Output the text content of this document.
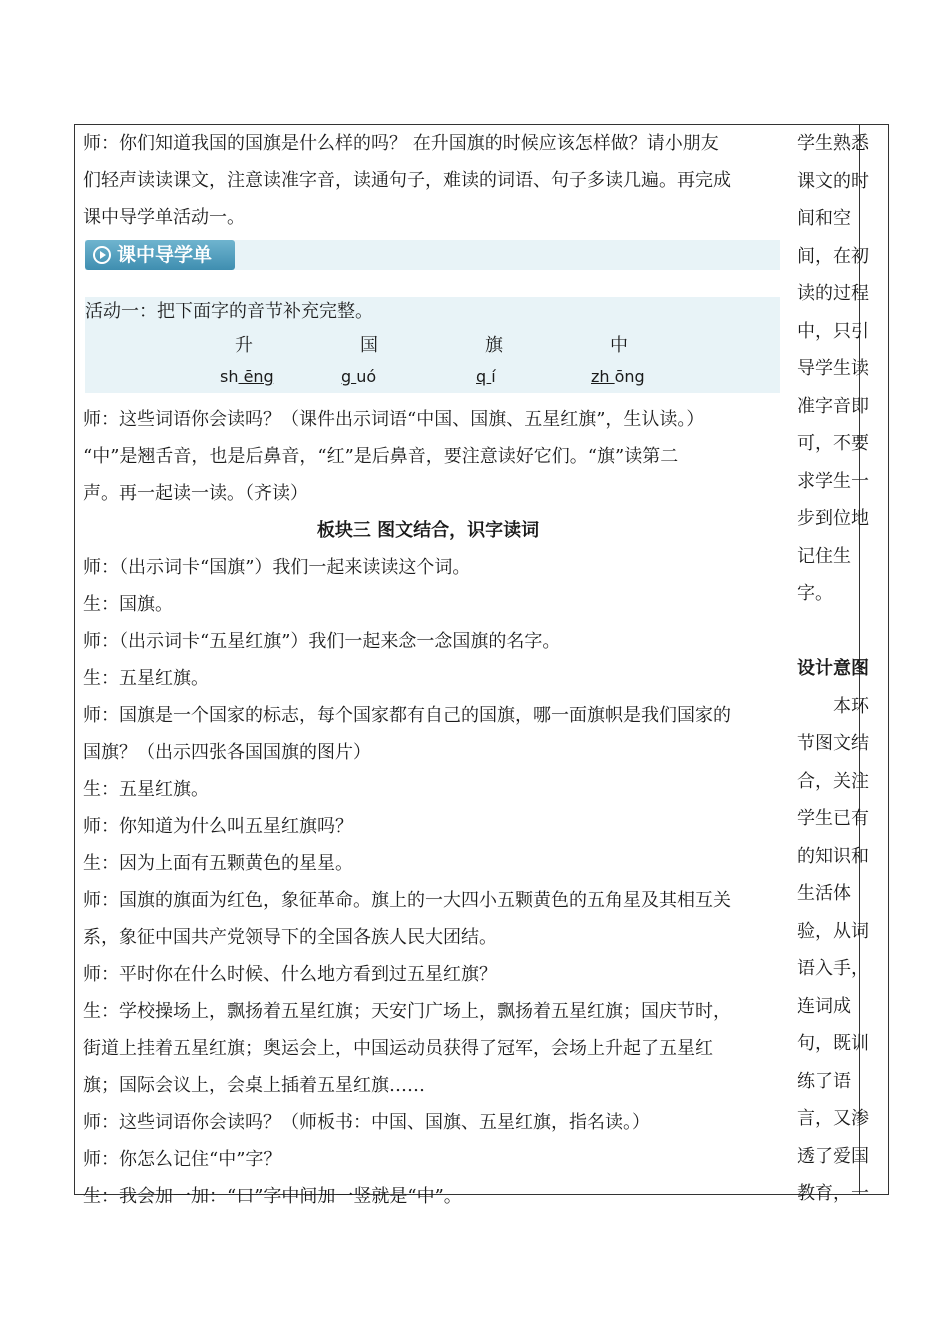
师：你们知道我国的国旗是什么样的吗？ 在升国旗的时候应该怎样做？请小朋友
们轻声读读课文，注意读准字音，读通句子，难读的词语、句子多读几遍。再完成
课中导学单活动一。
课中导学单
活动一：把下面字的音节补充完整。
升	国	旗	中
sh ēng	g uó	q í	zh ōng
师：这些词语你会读吗？（课件出示词语“中国、国旗、五星红旗”，生认读。）
“中”是翘舌音，也是后鼻音，“红”是后鼻音，要注意读好它们。“旗”读第二
声。再一起读一读。（齐读）
板块三 图文结合，识字读词
师：（出示词卡“国旗”）我们一起来读读这个词。
生：国旗。
师：（出示词卡“五星红旗”）我们一起来念一念国旗的名字。
生：五星红旗。
师：国旗是一个国家的标志，每个国家都有自己的国旗，哪一面旗帜是我们国家的
国旗？（出示四张各国国旗的图片）
生：五星红旗。
师：你知道为什么叫五星红旗吗？
生：因为上面有五颗黄色的星星。
师：国旗的旗面为红色，象征革命。旗上的一大四小五颗黄色的五角星及其相互关
系，象征中国共产党领导下的全国各族人民大团结。
师：平时你在什么时候、什么地方看到过五星红旗？
生：学校操场上，飘扬着五星红旗；天安门广场上，飘扬着五星红旗；国庆节时，
街道上挂着五星红旗；奥运会上，中国运动员获得了冠军，会场上升起了五星红
旗；国际会议上，会桌上插着五星红旗……
师：这些词语你会读吗？（师板书：中国、国旗、五星红旗，指名读。）
师：你怎么记住“中”字？
生：我会加一加：“口”字中间加一竖就是“中”。
学生熟悉
课文的时
间和空
间，在初
读的过程
中，只引
导学生读
准字音即
可，不要
求学生一
步到位地
记住生
字。
设计意图
本环
节图文结
合，关注
学生已有
的知识和
生活体
验，从词
语入手，
连词成
句，既训
练了语
言，又渗
透了爱国
教育，一
